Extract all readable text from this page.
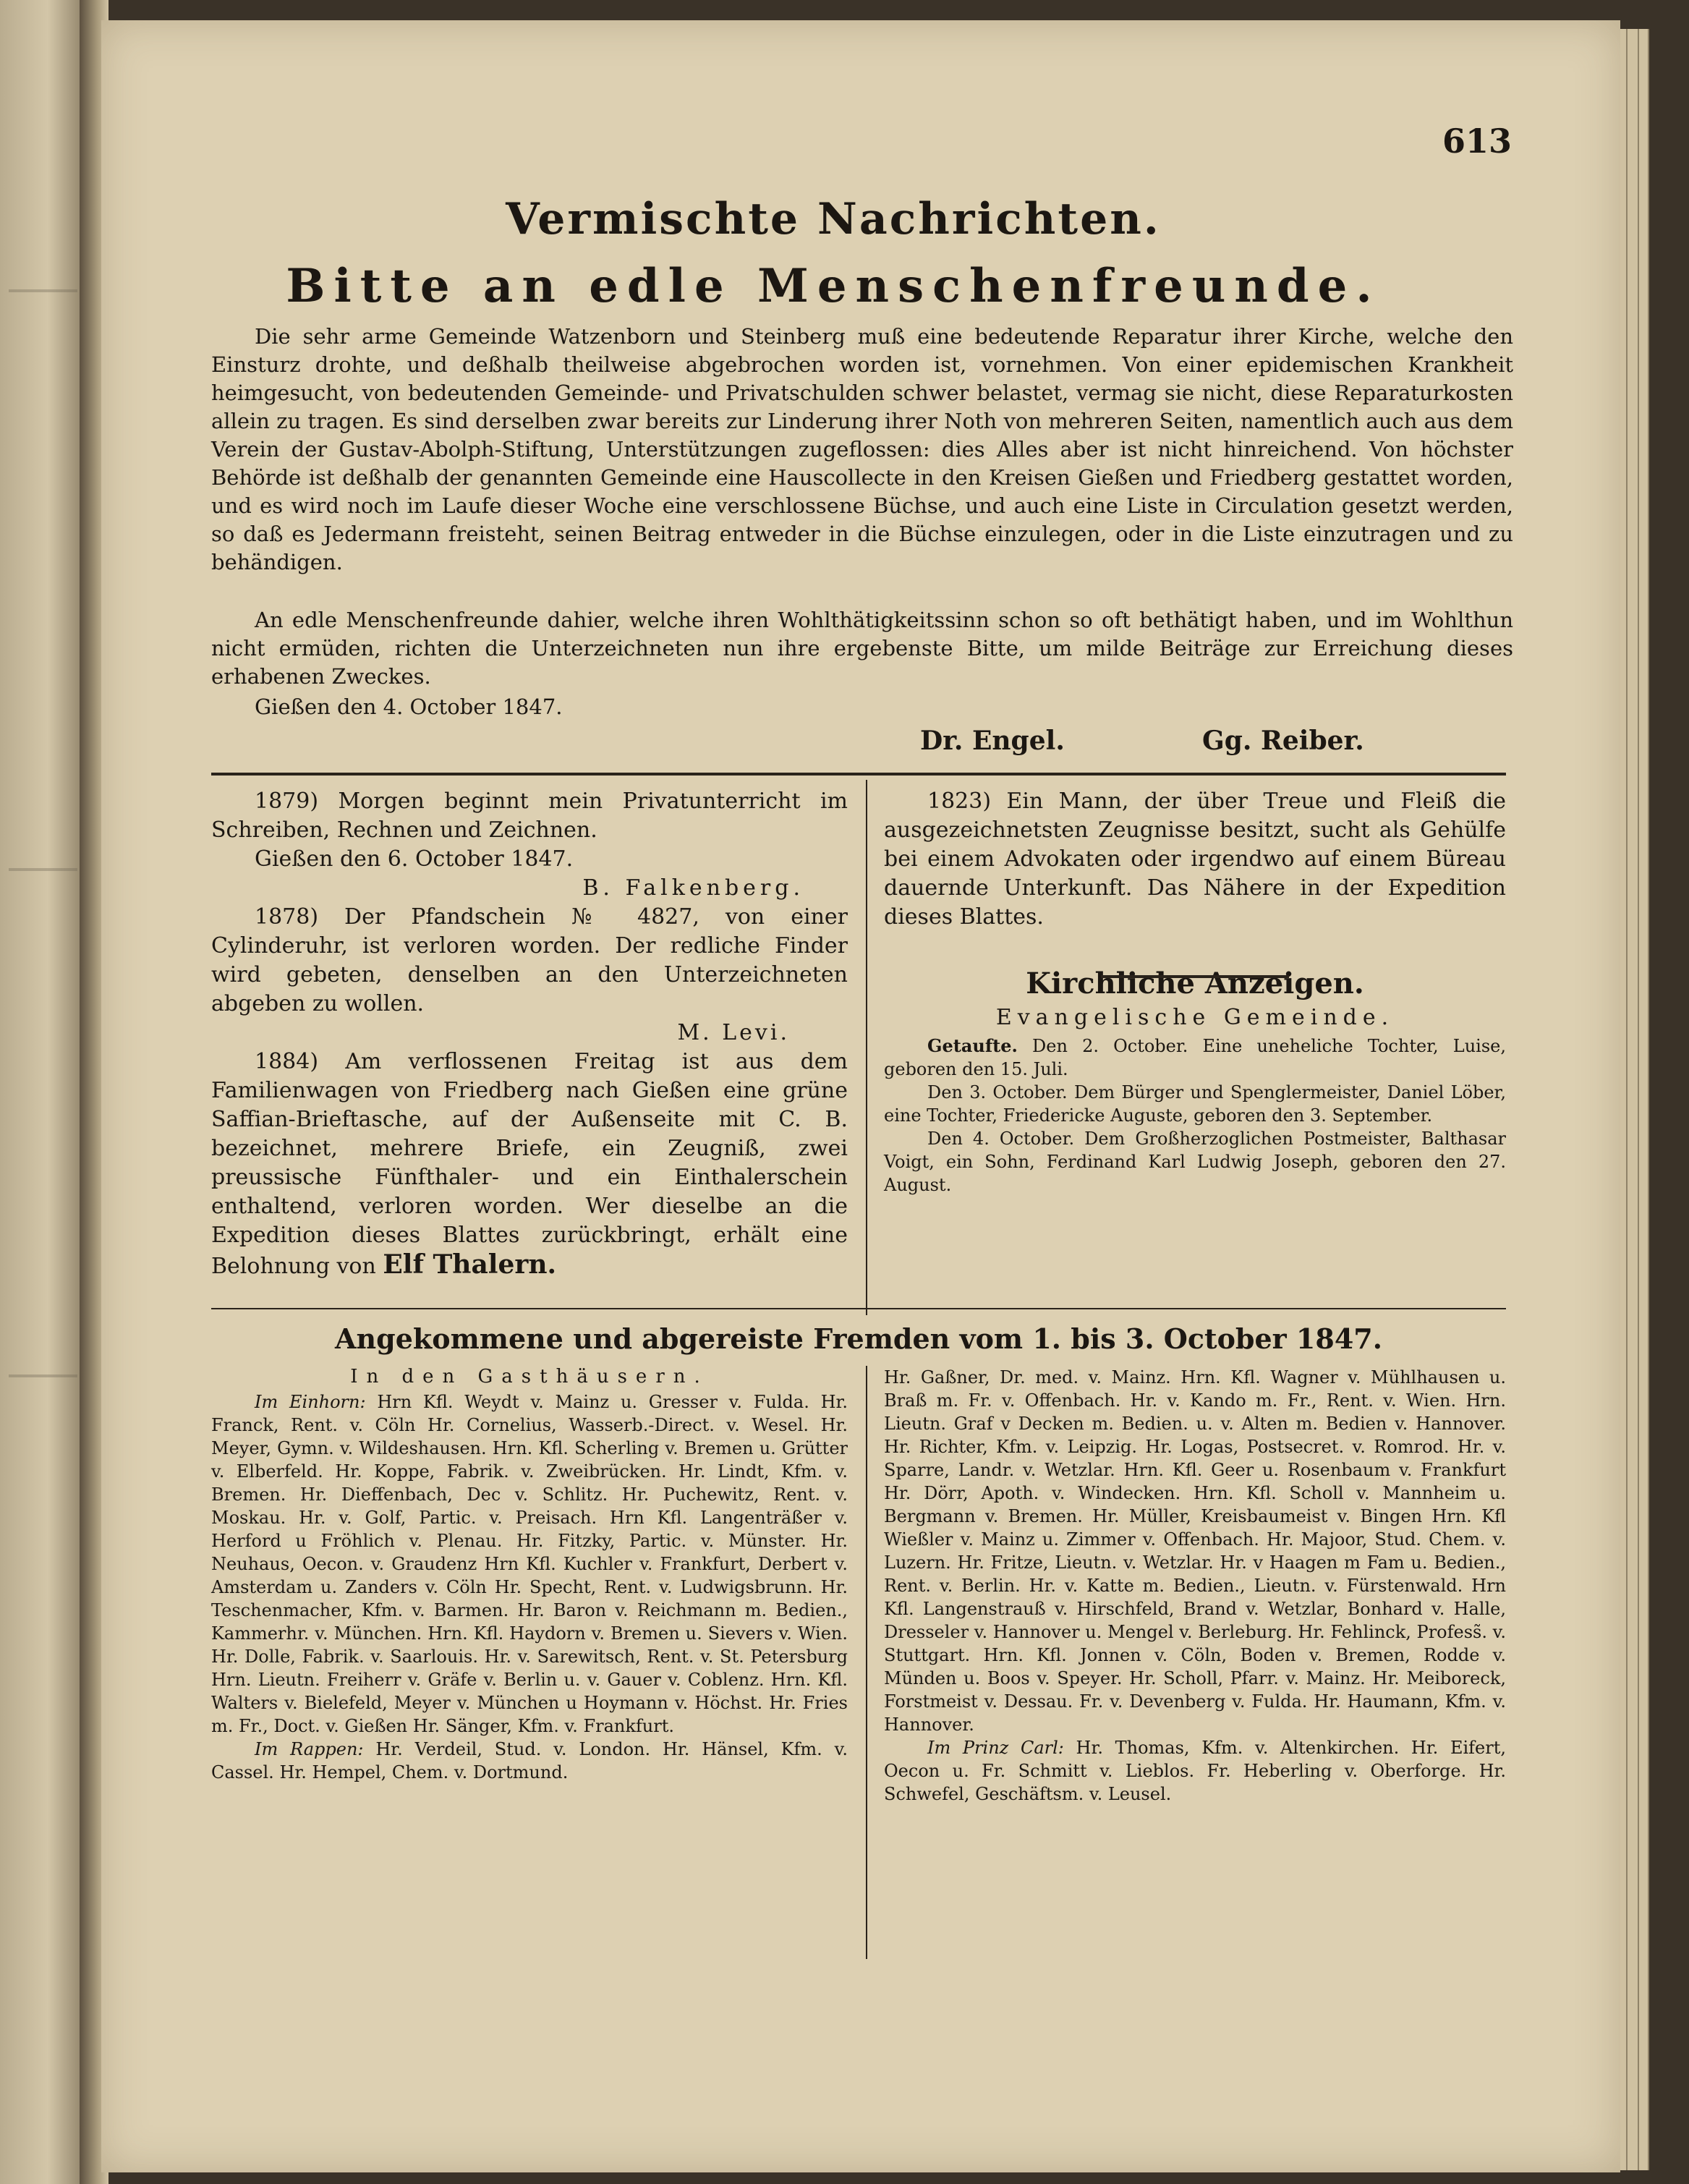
613
Vermischte Nachrichten.
Bitte an edle Menschenfreunde.
Die sehr arme Gemeinde Watzenborn und Steinberg muß eine bedeutende Reparatur ihrer Kirche, welche den Einsturz drohte, und deßhalb theilweise abgebrochen worden ist, vornehmen. Von einer epidemischen Krankheit heimgesucht, von bedeutenden Gemeinde- und Privatschulden schwer belastet, vermag sie nicht, diese Reparaturkosten allein zu tragen. Es sind derselben zwar bereits zur Linderung ihrer Noth von mehreren Seiten, namentlich auch aus dem Verein der Gustav-Abolph-Stiftung, Unterstützungen zugeflossen: dies Alles aber ist nicht hinreichend. Von höchster Behörde ist deßhalb der genannten Gemeinde eine Hauscollecte in den Kreisen Gießen und Friedberg gestattet worden, und es wird noch im Laufe dieser Woche eine verschlossene Büchse, und auch eine Liste in Circulation gesetzt werden, so daß es Jedermann freisteht, seinen Beitrag entweder in die Büchse einzulegen, oder in die Liste einzutragen und zu behändigen.
An edle Menschenfreunde dahier, welche ihren Wohlthätigkeitssinn schon so oft bethätigt haben, und im Wohlthun nicht ermüden, richten die Unterzeichneten nun ihre ergebenste Bitte, um milde Beiträge zur Erreichung dieses erhabenen Zweckes.
Gießen den 4. October 1847.
Dr. Engel.	Gg. Reiber.

1879) Morgen beginnt mein Privatunterricht im Schreiben, Rechnen und Zeichnen.

Gießen den 6. October 1847.

B. Falkenberg.

1878) Der Pfandschein № 4827, von einer Cylinderuhr, ist verloren worden. Der redliche Finder wird gebeten, denselben an den Unterzeichneten abgeben zu wollen.

M. Levi.

1884) Am verflossenen Freitag ist aus dem Familienwagen von Friedberg nach Gießen eine grüne Saffian-Brieftasche, auf der Außenseite mit C. B. bezeichnet, mehrere Briefe, ein Zeugniß, zwei preussische Fünfthaler- und ein Einthalerschein enthaltend, verloren worden. Wer dieselbe an die Expedition dieses Blattes zurückbringt, erhält eine Belohnung von Elf Thalern.

1823) Ein Mann, der über Treue und Fleiß die ausgezeichnetsten Zeugnisse besitzt, sucht als Gehülfe bei einem Advokaten oder irgendwo auf einem Büreau dauernde Unterkunft. Das Nähere in der Expedition dieses Blattes.

Kirchliche Anzeigen.
Evangelische Gemeinde.

Getaufte. Den 2. October. Eine uneheliche Tochter, Luise, geboren den 15. Juli.

Den 3. October. Dem Bürger und Spenglermeister, Daniel Löber, eine Tochter, Friedericke Auguste, geboren den 3. September.

Den 4. October. Dem Großherzoglichen Postmeister, Balthasar Voigt, ein Sohn, Ferdinand Karl Ludwig Joseph, geboren den 27. August.

Angekommene und abgereiste Fremden vom 1. bis 3. October 1847.
In den Gasthäusern.

Im Einhorn: Hrn Kfl. Weydt v. Mainz u. Gresser v. Fulda. Hr. Franck, Rent. v. Cöln Hr. Cornelius, Wasserb.-Direct. v. Wesel. Hr. Meyer, Gymn. v. Wildeshausen. Hrn. Kfl. Scherling v. Bremen u. Grütter v. Elberfeld. Hr. Koppe, Fabrik. v. Zweibrücken. Hr. Lindt, Kfm. v. Bremen. Hr. Dieffenbach, Dec v. Schlitz. Hr. Puchewitz, Rent. v. Moskau. Hr. v. Golf, Partic. v. Preisach. Hrn Kfl. Langenträßer v. Herford u Fröhlich v. Plenau. Hr. Fitzky, Partic. v. Münster. Hr. Neuhaus, Oecon. v. Graudenz Hrn Kfl. Kuchler v. Frankfurt, Derbert v. Amsterdam u. Zanders v. Cöln Hr. Specht, Rent. v. Ludwigsbrunn. Hr. Teschenmacher, Kfm. v. Barmen. Hr. Baron v. Reichmann m. Bedien., Kammerhr. v. München. Hrn. Kfl. Haydorn v. Bremen u. Sievers v. Wien. Hr. Dolle, Fabrik. v. Saarlouis. Hr. v. Sarewitsch, Rent. v. St. Petersburg Hrn. Lieutn. Freiherr v. Gräfe v. Berlin u. v. Gauer v. Coblenz. Hrn. Kfl. Walters v. Bielefeld, Meyer v. München u Hoymann v. Höchst. Hr. Fries m. Fr., Doct. v. Gießen Hr. Sänger, Kfm. v. Frankfurt.

Im Rappen: Hr. Verdeil, Stud. v. London. Hr. Hänsel, Kfm. v. Cassel. Hr. Hempel, Chem. v. Dortmund.

Hr. Gaßner, Dr. med. v. Mainz. Hrn. Kfl. Wagner v. Mühlhausen u. Braß m. Fr. v. Offenbach. Hr. v. Kando m. Fr., Rent. v. Wien. Hrn. Lieutn. Graf v Decken m. Bedien. u. v. Alten m. Bedien v. Hannover. Hr. Richter, Kfm. v. Leipzig. Hr. Logas, Postsecret. v. Romrod. Hr. v. Sparre, Landr. v. Wetzlar. Hrn. Kfl. Geer u. Rosenbaum v. Frankfurt Hr. Dörr, Apoth. v. Windecken. Hrn. Kfl. Scholl v. Mannheim u. Bergmann v. Bremen. Hr. Müller, Kreisbaumeist v. Bingen Hrn. Kfl Wießler v. Mainz u. Zimmer v. Offenbach. Hr. Majoor, Stud. Chem. v. Luzern. Hr. Fritze, Lieutn. v. Wetzlar. Hr. v Haagen m Fam u. Bedien., Rent. v. Berlin. Hr. v. Katte m. Bedien., Lieutn. v. Fürstenwald. Hrn Kfl. Langenstrauß v. Hirschfeld, Brand v. Wetzlar, Bonhard v. Halle, Dresseler v. Hannover u. Mengel v. Berleburg. Hr. Fehlinck, Profess̃. v. Stuttgart. Hrn. Kfl. Jonnen v. Cöln, Boden v. Bremen, Rodde v. Münden u. Boos v. Speyer. Hr. Scholl, Pfarr. v. Mainz. Hr. Meiboreck, Forstmeist v. Dessau. Fr. v. Devenberg v. Fulda. Hr. Haumann, Kfm. v. Hannover.

Im Prinz Carl: Hr. Thomas, Kfm. v. Altenkirchen. Hr. Eifert, Oecon u. Fr. Schmitt v. Lieblos. Fr. Heberling v. Oberforge. Hr. Schwefel, Geschäftsm. v. Leusel.
